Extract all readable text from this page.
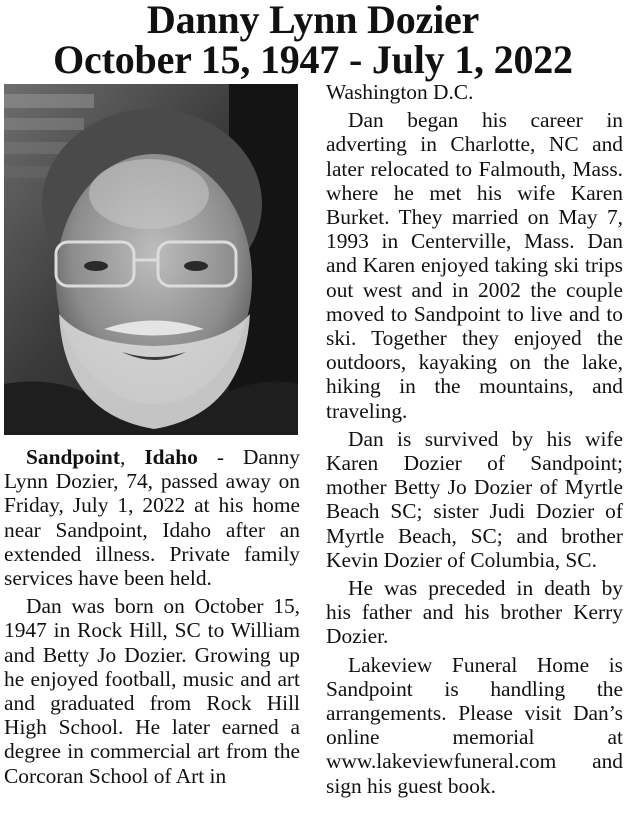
Danny Lynn Dozier
October 15, 1947 - July 1, 2022

Sandpoint, Idaho - Danny Lynn Dozier, 74, passed away on Friday, July 1, 2022 at his home near Sandpoint, Idaho after an extended illness. Private family services have been held.

Dan was born on October 15, 1947 in Rock Hill, SC to William and Betty Jo Dozier. Growing up he enjoyed football, music and art and graduated from Rock Hill High School. He later earned a degree in commercial art from the Corcoran School of Art in

Washington D.C.

Dan began his career in adverting in Charlotte, NC and later relocated to Falmouth, Mass. where he met his wife Karen Burket. They married on May 7, 1993 in Centerville, Mass. Dan and Karen enjoyed taking ski trips out west and in 2002 the couple moved to Sandpoint to live and to ski. Together they enjoyed the outdoors, kayaking on the lake, hiking in the mountains, and traveling.

Dan is survived by his wife Karen Dozier of Sandpoint; mother Betty Jo Dozier of Myrtle Beach SC; sister Judi Dozier of Myrtle Beach, SC; and brother Kevin Dozier of Columbia, SC.

He was preceded in death by his father and his brother Kerry Dozier.

Lakeview Funeral Home is Sandpoint is handling the arrangements. Please visit Dan’s online memorial at www.lakeviewfuneral.com and sign his guest book.
